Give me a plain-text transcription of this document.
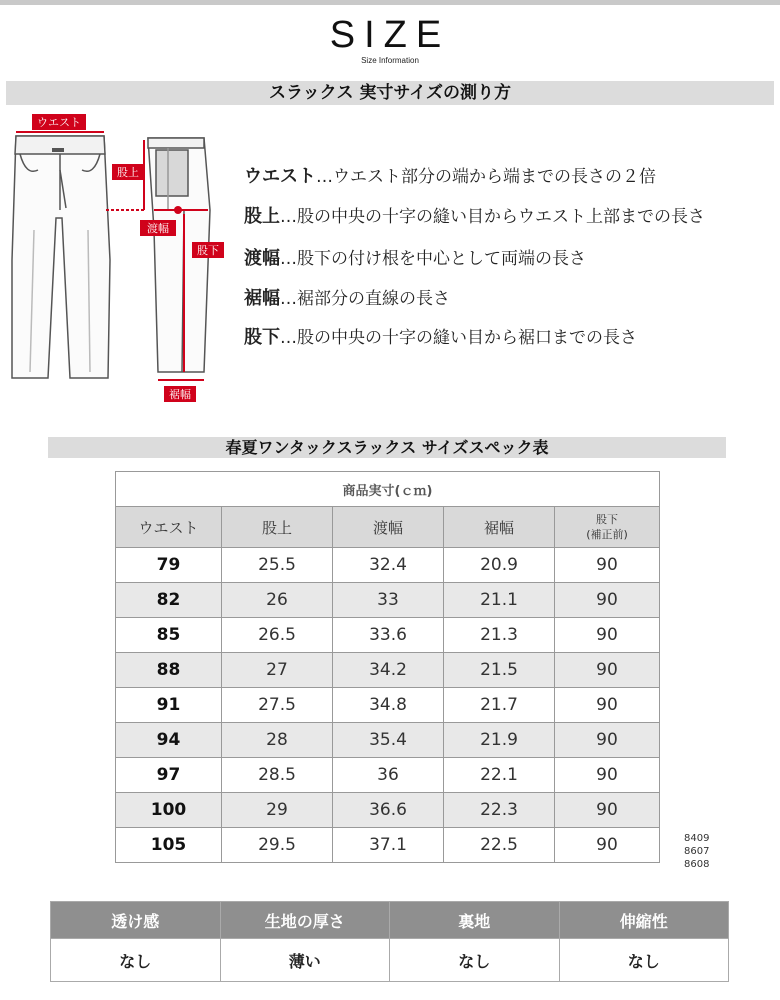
SIZE
Size Information
スラックス 実寸サイズの測り方
ウエスト
股上
渡幅
股下
裾幅
ウエスト…ウエスト部分の端から端までの長さの２倍
股上…股の中央の十字の縫い目からウエスト上部までの長さ
渡幅…股下の付け根を中心として両端の長さ
裾幅…裾部分の直線の長さ
股下…股の中央の十字の縫い目から裾口までの長さ
春夏ワンタックスラックス サイズスペック表
商品実寸(ｃｍ)				
ウエスト	股上	渡幅	裾幅	股下
(補正前)

79	25.5	32.4	20.9	90
82	26	33	21.1	90
85	26.5	33.6	21.3	90
88	27	34.2	21.5	90
91	27.5	34.8	21.7	90
94	28	35.4	21.9	90
97	28.5	36	22.1	90
100	29	36.6	22.3	90
105	29.5	37.1	22.5	90	8409
8607
8608
透け感	生地の厚さ	裏地	伸縮性
なし	薄い	なし	なし
